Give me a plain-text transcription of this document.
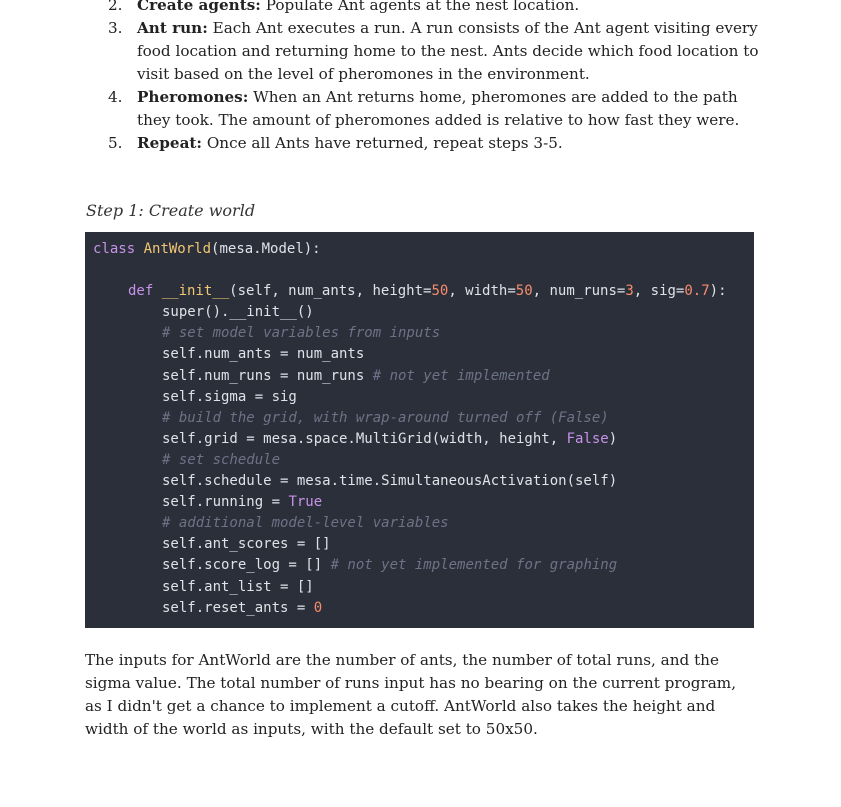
2. Create agents: Populate Ant agents at the nest location.
3. Ant run: Each Ant executes a run. A run consists of the Ant agent visiting every food location and returning home to the nest. Ants decide which food location to visit based on the level of pheromones in the environment.
4. Pheromones: When an Ant returns home, pheromones are added to the path they took. The amount of pheromones added is relative to how fast they were.
5. Repeat: Once all Ants have returned, repeat steps 3-5.

Step 1: Create world

class AntWorld(mesa.Model):

def __init__(self, num_ants, height=50, width=50, num_runs=3, sig=0.7):
super().__init__()
# set model variables from inputs
self.num_ants = num_ants
self.num_runs = num_runs # not yet implemented
self.sigma = sig
# build the grid, with wrap-around turned off (False)
self.grid = mesa.space.MultiGrid(width, height, False)
# set schedule
self.schedule = mesa.time.SimultaneousActivation(self)
self.running = True
# additional model-level variables
self.ant_scores = []
self.score_log = [] # not yet implemented for graphing
self.ant_list = []
self.reset_ants = 0

The inputs for AntWorld are the number of ants, the number of total runs, and the sigma value. The total number of runs input has no bearing on the current program, as I didn't get a chance to implement a cutoff. AntWorld also takes the height and width of the world as inputs, with the default set to 50x50.
